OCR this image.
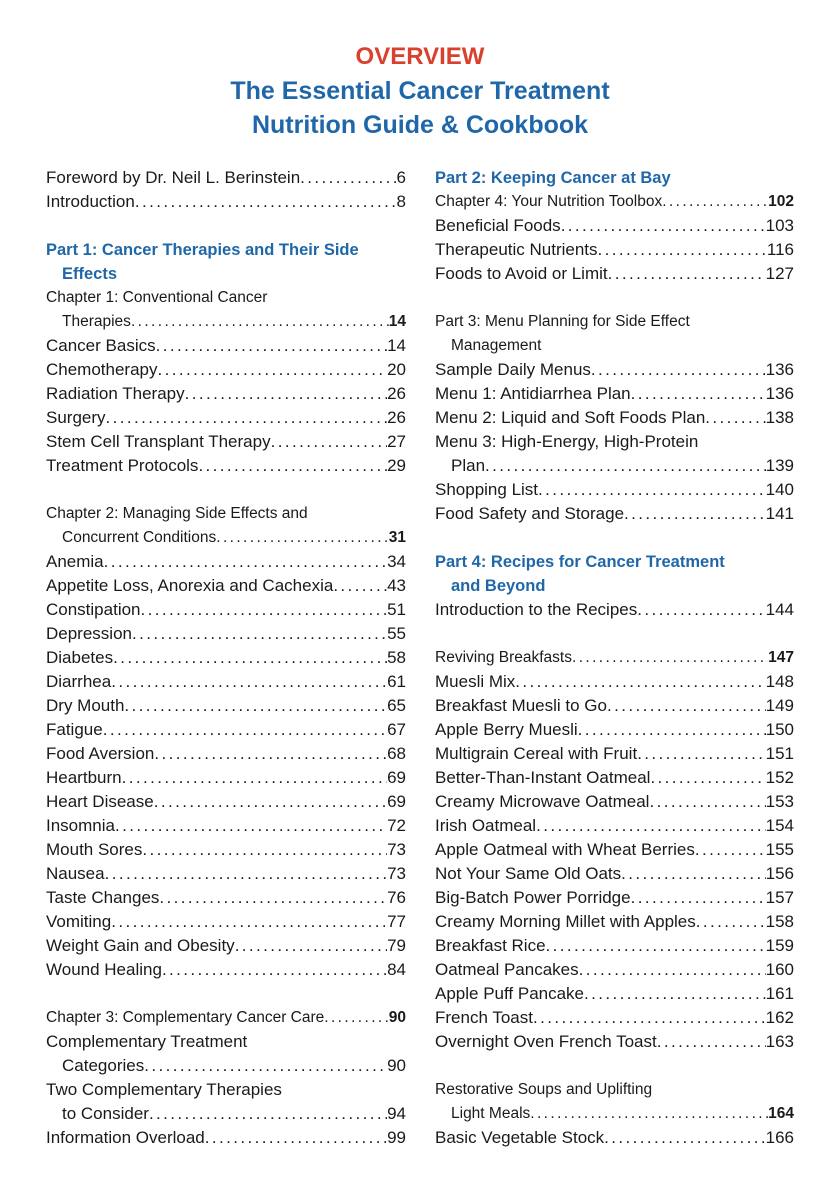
OVERVIEW
The Essential Cancer Treatment
Nutrition Guide & Cookbook
Foreword by Dr. Neil L. Berinstein .....	6
Introduction .....	8
Part 1: Cancer Therapies and Their Side
Effects
Chapter 1: Conventional Cancer
Therapies .....	14
Cancer Basics .....	14
Chemotherapy .....	20
Radiation Therapy .....	26
Surgery .....	26
Stem Cell Transplant Therapy .....	27
Treatment Protocols .....	29
Chapter 2: Managing Side Effects and
Concurrent Conditions .....	31
Anemia .....	34
Appetite Loss, Anorexia and Cachexia .....	43
Constipation .....	51
Depression .....	55
Diabetes .....	58
Diarrhea .....	61
Dry Mouth .....	65
Fatigue .....	67
Food Aversion .....	68
Heartburn .....	69
Heart Disease .....	69
Insomnia .....	72
Mouth Sores .....	73
Nausea .....	73
Taste Changes .....	76
Vomiting .....	77
Weight Gain and Obesity .....	79
Wound Healing .....	84
Chapter 3: Complementary Cancer Care .....	90
Complementary Treatment
Categories .....	90
Two Complementary Therapies
to Consider .....	94
Information Overload .....	99
Part 2: Keeping Cancer at Bay
Chapter 4: Your Nutrition Toolbox .....	102
Beneficial Foods .....	103
Therapeutic Nutrients .....	116
Foods to Avoid or Limit .....	127
Part 3: Menu Planning for Side Effect
Management
Sample Daily Menus .....	136
Menu 1: Antidiarrhea Plan .....	136
Menu 2: Liquid and Soft Foods Plan .....	138
Menu 3: High-Energy, High-Protein
Plan .....	139
Shopping List .....	140
Food Safety and Storage .....	141
Part 4: Recipes for Cancer Treatment
and Beyond
Introduction to the Recipes .....	144
Reviving Breakfasts .....	147
Muesli Mix .....	148
Breakfast Muesli to Go .....	149
Apple Berry Muesli .....	150
Multigrain Cereal with Fruit .....	151
Better-Than-Instant Oatmeal .....	152
Creamy Microwave Oatmeal .....	153
Irish Oatmeal .....	154
Apple Oatmeal with Wheat Berries .....	155
Not Your Same Old Oats .....	156
Big-Batch Power Porridge .....	157
Creamy Morning Millet with Apples .....	158
Breakfast Rice .....	159
Oatmeal Pancakes .....	160
Apple Puff Pancake .....	161
French Toast .....	162
Overnight Oven French Toast .....	163
Restorative Soups and Uplifting
Light Meals .....	164
Basic Vegetable Stock .....	166
